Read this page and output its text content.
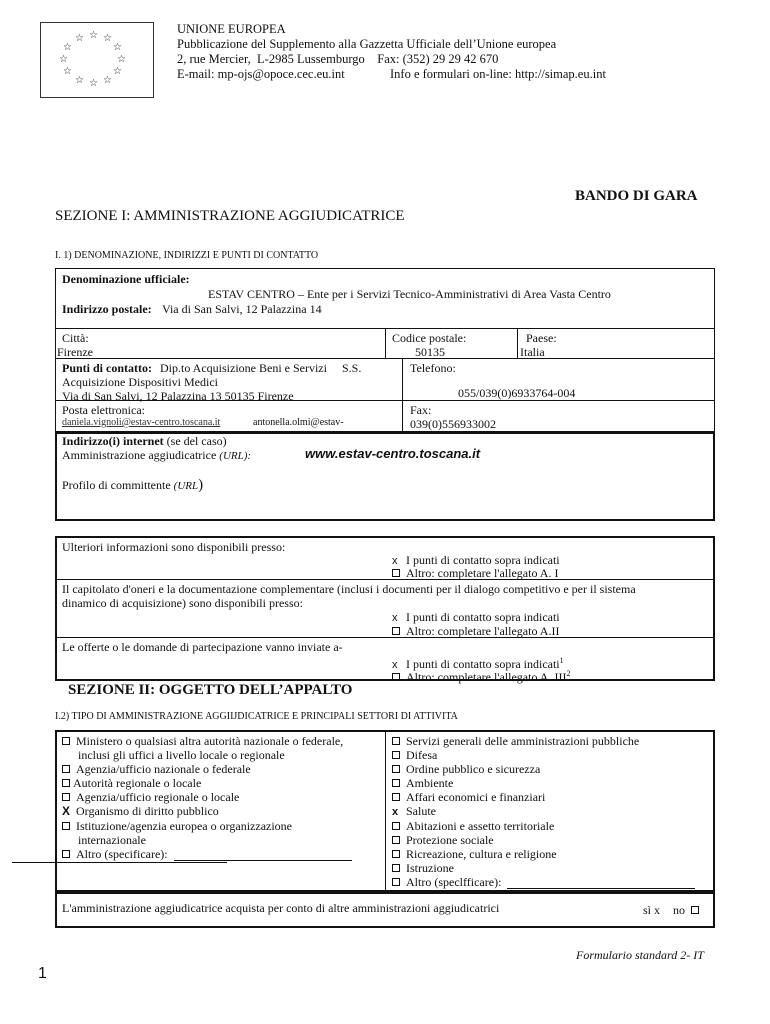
☆ ☆
☆
☆	☆
☆	☆
☆	☆
☆ ☆
☆
UNIONE EUROPEA
Pubblicazione del Supplemento alla Gazzetta Ufficiale dell’Unione europea
2, rue Mercier,  L-2985 Lussemburgo    Fax: (352) 29 29 42 670
E-mail: mp-ojs@opoce.cec.eu.int	Info e formulari on-line: http://simap.eu.int
BANDO DI GARA
SEZIONE I: AMMINISTRAZIONE AGGIUDICATRICE
I. 1) DENOMINAZIONE, INDIRIZZI E PUNTI DI CONTATTO
Denominazione ufficiale:
ESTAV CENTRO – Ente per i Servizi Tecnico-Amministrativi di Area Vasta Centro
Indirizzo postale: Via di San Salvi, 12 Palazzina 14
Città:
Firenze
Codice postale:
50135
Paese:
Italia
Punti di contatto: Dip.to Acquisizione Beni e Servizi     S.S.
Acquisizione Dispositivi Medici
Via di San Salvi, 12 Palazzina 13 50135 Firenze
Telefono:
055/039(0)6933764-004
Posta elettronica:
daniela.vignoli@estav-centro.toscana.it	antonella.olmi@estav-
Fax:
039(0)556933002
Indirizzo(i) internet (se del caso)
Amministrazione aggiudicatrice (URL):	www.estav-centro.toscana.it
Profilo di committente (URL)
Ulteriori informazioni sono disponibili presso:
x I punti di contatto sopra indicati
Altro: completare l'allegato A. I
Il capitolato d'oneri e la documentazione complementare (inclusi i documenti per il dialogo competitivo e per il sistema
dinamico di acquisizione) sono disponibili presso:
x I punti di contatto sopra indicati
Altro: completare l'allegato A.II
Le offerte o le domande di partecipazione vanno inviate a-
x I punti di contatto sopra indicati$^1$
Altro: completare l'allegato A. III$^2$
SEZIONE II: OGGETTO DELL’APPALTO
I.2) TIPO DI AMMINISTRAZIONE AGGIIJDICATRICE E PRINCIPALI SETTORI DI ATTIVITA
Ministero o qualsiasi altra autorità nazionale o federale,
inclusi gli uffici a livello locale o regionale
Agenzia/ufficio nazionale o federale
Autorità regionale o locale
Agenzia/ufficio regionale o locale
X Organismo di diritto pubblico
Istituzione/agenzia europea o organizzazione
internazionale
Altro (specificare):
Servizi generali delle amministrazioni pubbliche
Difesa
Ordine pubblico e sicurezza
Ambiente
Affari economici e finanziari
x Salute
Abitazioni e assetto territoriale
Protezione sociale
Ricreazione, cultura e religione
Istruzione
Altro (speclfficare):
L'amministrazione aggiudicatrice acquista per conto di altre amministrazioni aggiudicatrici	sì x no
Formulario standard 2- IT
1
